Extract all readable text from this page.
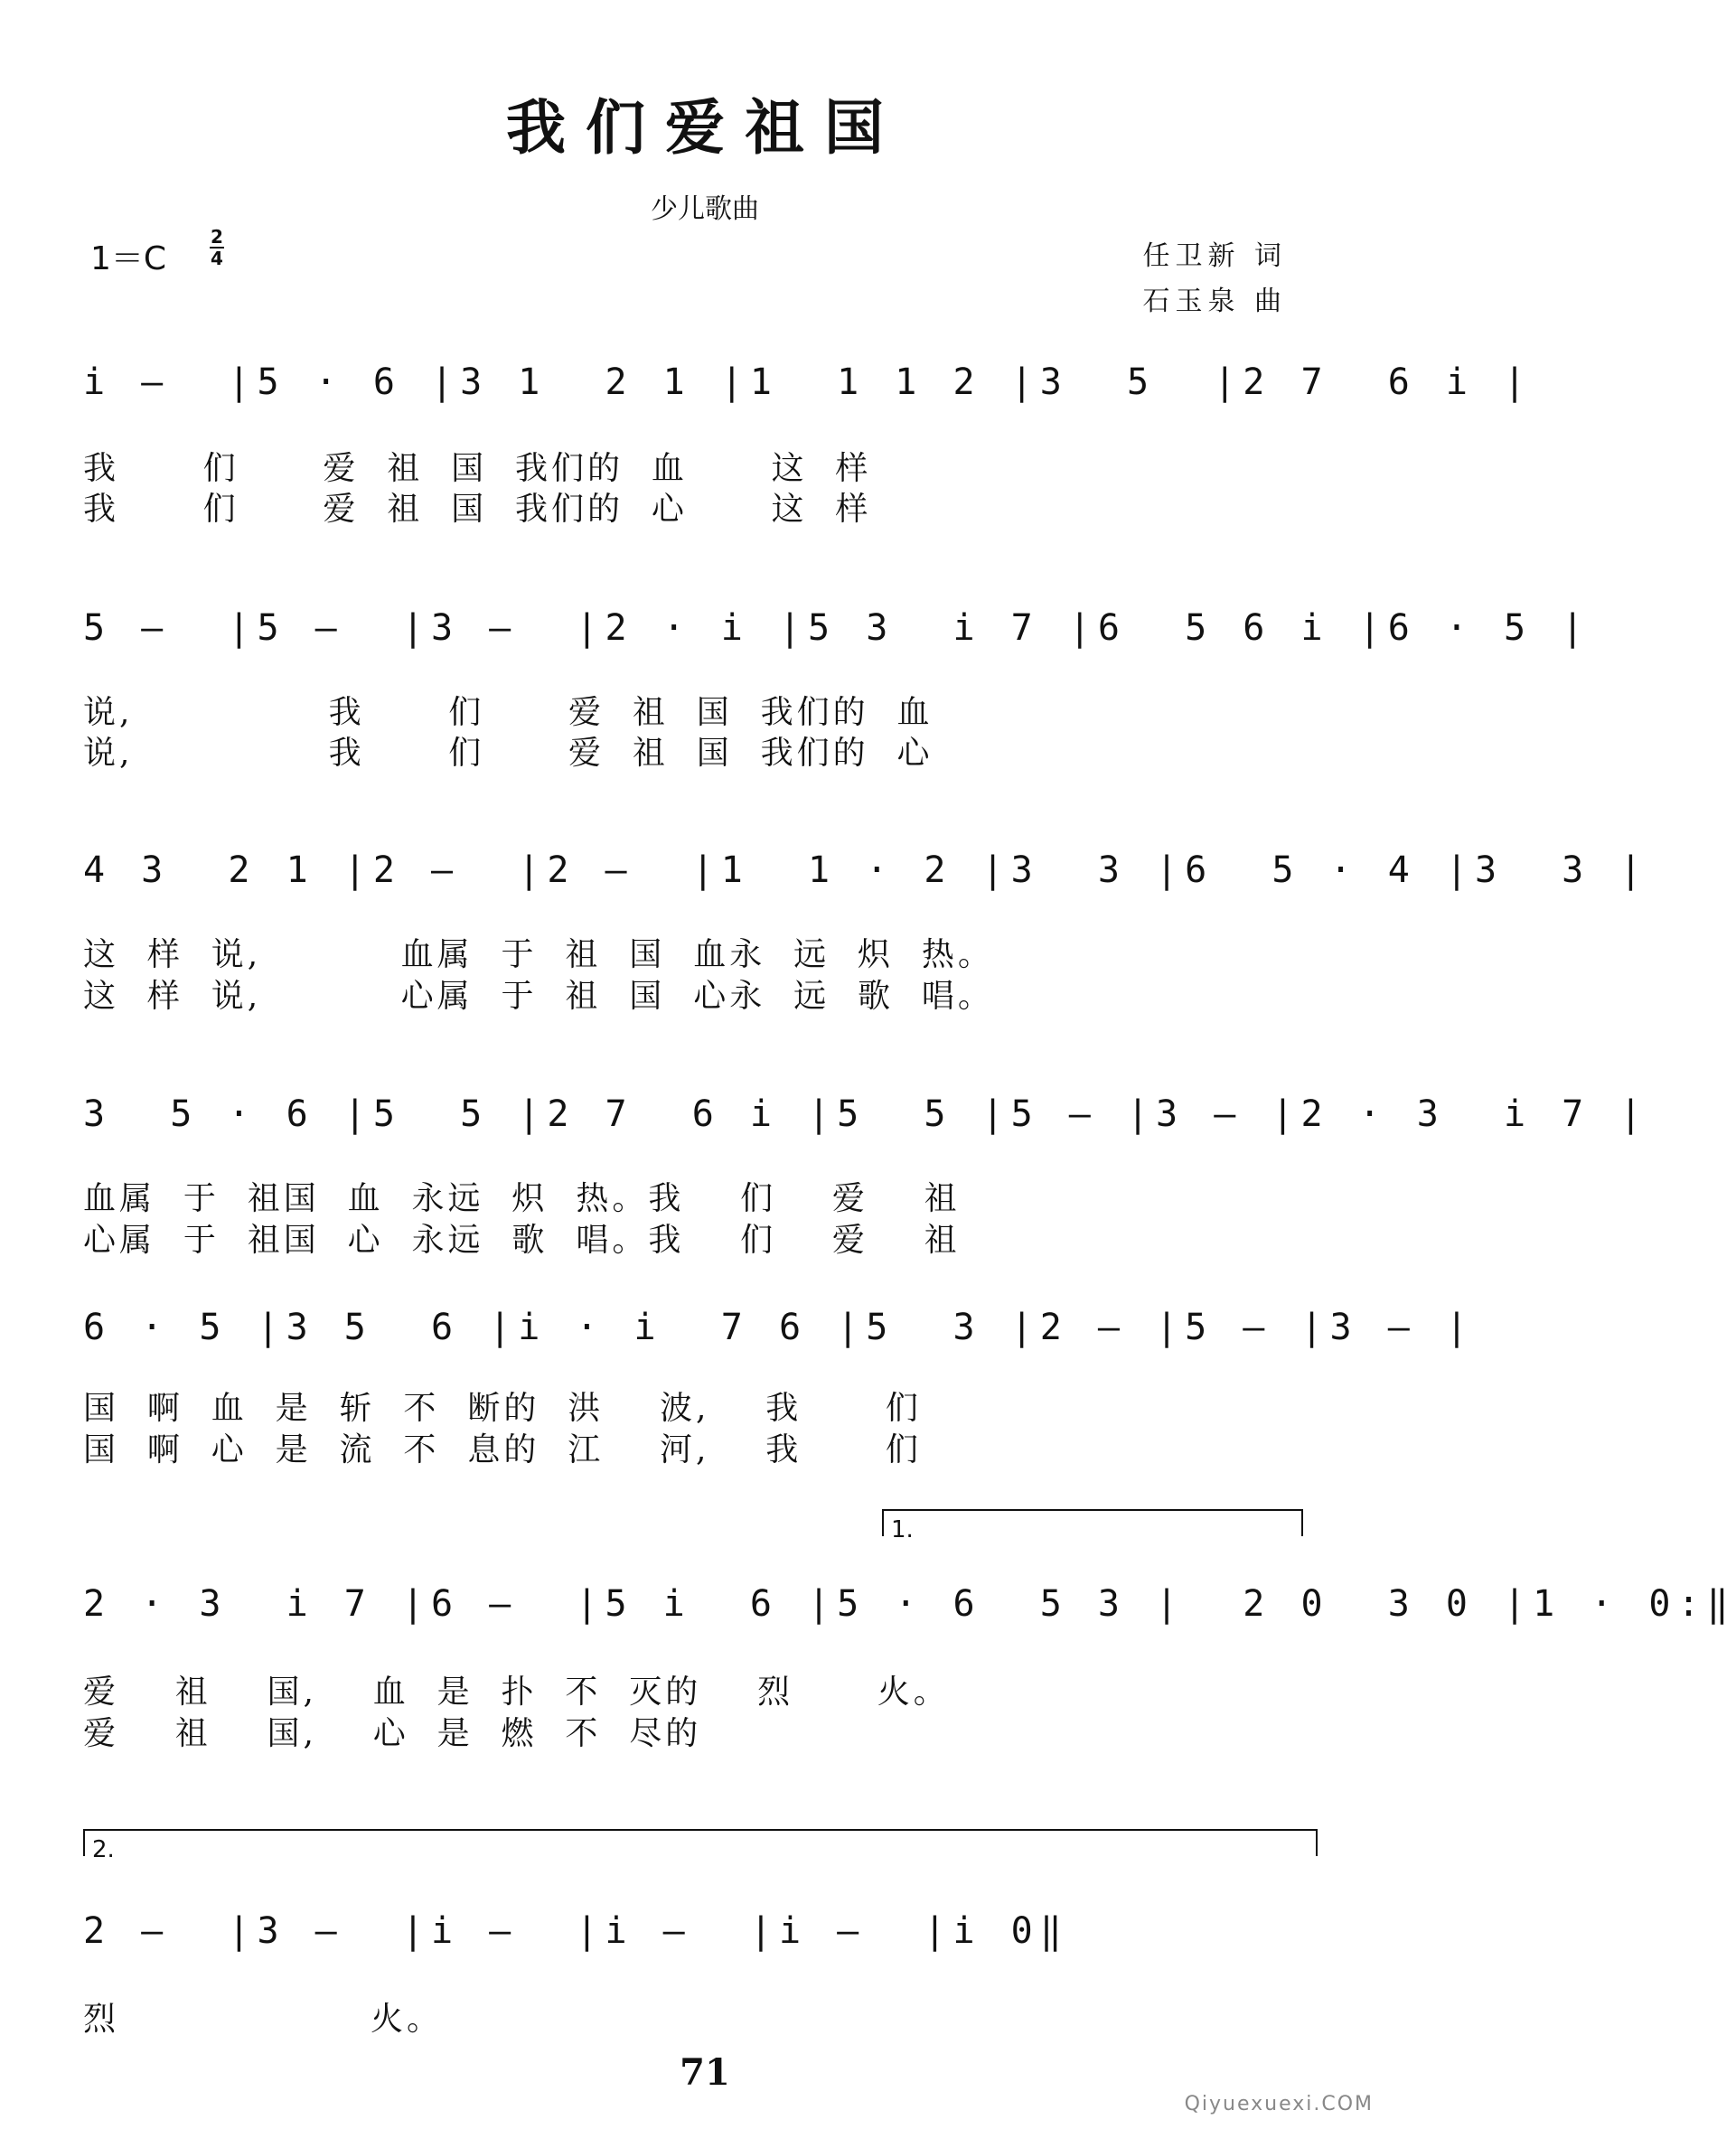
我们爱祖国
少儿歌曲
1＝C
2
4	任卫新 词
石玉泉 曲
i –  |5 · 6 |3 1  2 1 |1  1 1 2 |3  5  |2 7  6 i |
我      们      爱  祖  国  我们的  血      这  样
我      们      爱  祖  国  我们的  心      这  样
5 –  |5 –  |3 –  |2 · i |5 3  i 7 |6  5 6 i |6 · 5 |
说,              我      们      爱  祖  国  我们的  血
说,              我      们      爱  祖  国  我们的  心
4 3  2 1 |2 –  |2 –  |1  1 · 2 |3  3 |6  5 · 4 |3  3 |
这  样  说,          血属  于  祖  国  血永  远  炽  热。
这  样  说,          心属  于  祖  国  心永  远  歌  唱。
3  5 · 6 |5  5 |2 7  6 i |5  5 |5 – |3 – |2 · 3  i 7 |
血属  于  祖国  血  永远  炽  热。我    们    爱    祖
心属  于  祖国  心  永远  歌  唱。我    们    爱    祖
6 · 5 |3 5  6 |i · i  7 6 |5  3 |2 – |5 – |3 – |
国  啊  血  是  斩  不  断的  洪    波,    我      们
国  啊  心  是  流  不  息的  江    河,    我      们
1.
2 · 3  i 7 |6 –  |5 i  6 |5 · 6  5 3 |  2 0  3 0 |1 · 0:‖
爱    祖    国,    血  是  扑  不  灭的    烈      火。
爱    祖    国,    心  是  燃  不  尽的
2.
2 –  |3 –  |i –  |i –  |i –  |i 0‖
烈                  火。
71
Qiyuexuexi.COM
